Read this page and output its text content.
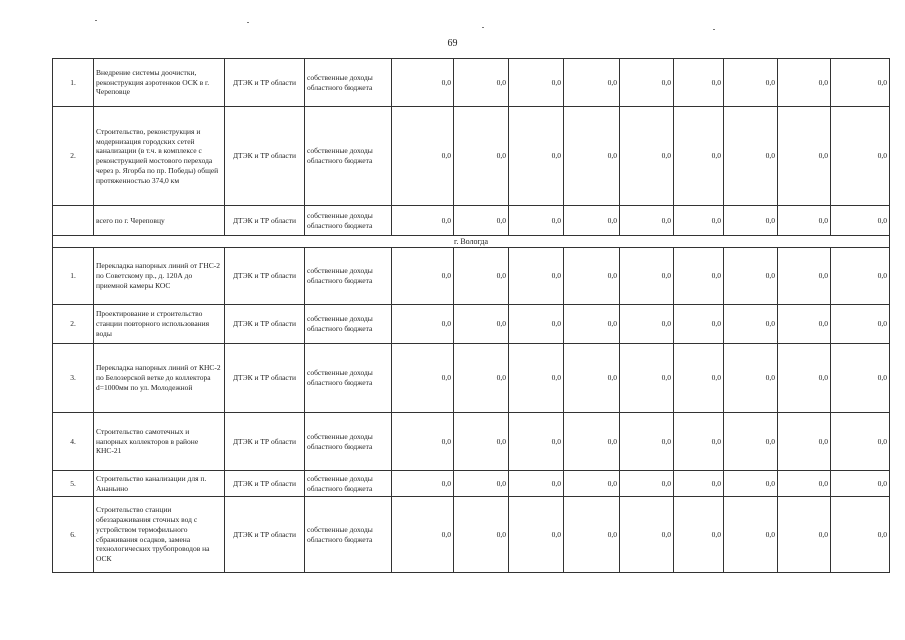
69
1.	Внедрение системы доочистки, реконструкция аэротенков ОСК в г. Череповце	ДТЭК и ТР области	собственные доходы областного бюджета	0,0	0,0	0,0	0,0	0,0	0,0	0,0	0,0	0,0
2.	Строительство, реконструкция и модернизация городских сетей канализации (в т.ч. в комплексе с реконструкцией мостового перехода через р. Ягорба по пр. Победы) общей протяженностью 374,0 км	ДТЭК и ТР области	собственные доходы областного бюджета	0,0	0,0	0,0	0,0	0,0	0,0	0,0	0,0	0,0
	всего по г. Череповцу	ДТЭК и ТР области	собственные доходы областного бюджета	0,0	0,0	0,0	0,0	0,0	0,0	0,0	0,0	0,0
г. Вологда												
1.	Перекладка напорных линий от ГНС-2 по Советскому пр., д. 120А до приемной камеры КОС	ДТЭК и ТР области	собственные доходы областного бюджета	0,0	0,0	0,0	0,0	0,0	0,0	0,0	0,0	0,0
2.	Проектирование и строительство станции повторного использования воды	ДТЭК и ТР области	собственные доходы областного бюджета	0,0	0,0	0,0	0,0	0,0	0,0	0,0	0,0	0,0
3.	Перекладка напорных линий от КНС-2 по Белозерской ветке до коллектора d=1000мм по ул. Молодежной	ДТЭК и ТР области	собственные доходы областного бюджета	0,0	0,0	0,0	0,0	0,0	0,0	0,0	0,0	0,0
4.	Строительство самотечных и напорных коллекторов в районе КНС-21	ДТЭК и ТР области	собственные доходы областного бюджета	0,0	0,0	0,0	0,0	0,0	0,0	0,0	0,0	0,0
5.	Строительство канализации для п. Ананьино	ДТЭК и ТР области	собственные доходы областного бюджета	0,0	0,0	0,0	0,0	0,0	0,0	0,0	0,0	0,0
6.	Строительство станции обеззараживания сточных вод с устройством термофильного сбраживания осадков, замена технологических трубопроводов на ОСК	ДТЭК и ТР области	собственные доходы областного бюджета	0,0	0,0	0,0	0,0	0,0	0,0	0,0	0,0	0,0
